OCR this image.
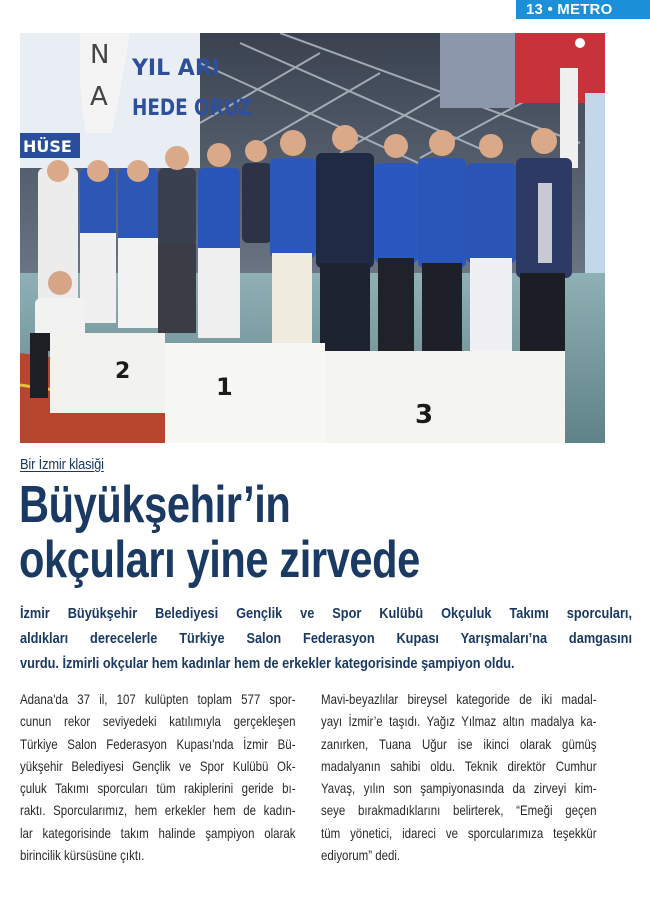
13 • METRO
YIL ARI
HEDE ORUZ
N
A
HÜSE
2
1
3
Bir İzmir klasiği
Büyükşehir’in
okçuları yine zirvede
İzmir Büyükşehir Belediyesi Gençlik ve Spor Kulübü Okçuluk Takımı sporcuları,
aldıkları derecelerle Türkiye Salon Federasyon Kupası Yarışmaları’na damgasını
vurdu. İzmirli okçular hem kadınlar hem de erkekler kategorisinde şampiyon oldu.
Adana'da 37 il, 107 kulüpten toplam 577 spor-
cunun rekor seviyedeki katılımıyla gerçekleşen
Türkiye Salon Federasyon Kupası'nda İzmir Bü-
yükşehir Belediyesi Gençlik ve Spor Kulübü Ok-
çuluk Takımı sporcuları tüm rakiplerini geride bı-
raktı. Sporcularımız, hem erkekler hem de kadın-
lar kategorisinde takım halinde şampiyon olarak
birincilik kürsüsüne çıktı.
Mavi-beyazlılar bireysel kategoride de iki madal-
yayı İzmir’e taşıdı. Yağız Yılmaz altın madalya ka-
zanırken, Tuana Uğur ise ikinci olarak gümüş
madalyanın sahibi oldu. Teknik direktör Cumhur
Yavaş, yılın son şampiyonasında da zirveyi kim-
seye bırakmadıklarını belirterek, “Emeği geçen
tüm yönetici, idareci ve sporcularımıza teşekkür
ediyorum” dedi.
